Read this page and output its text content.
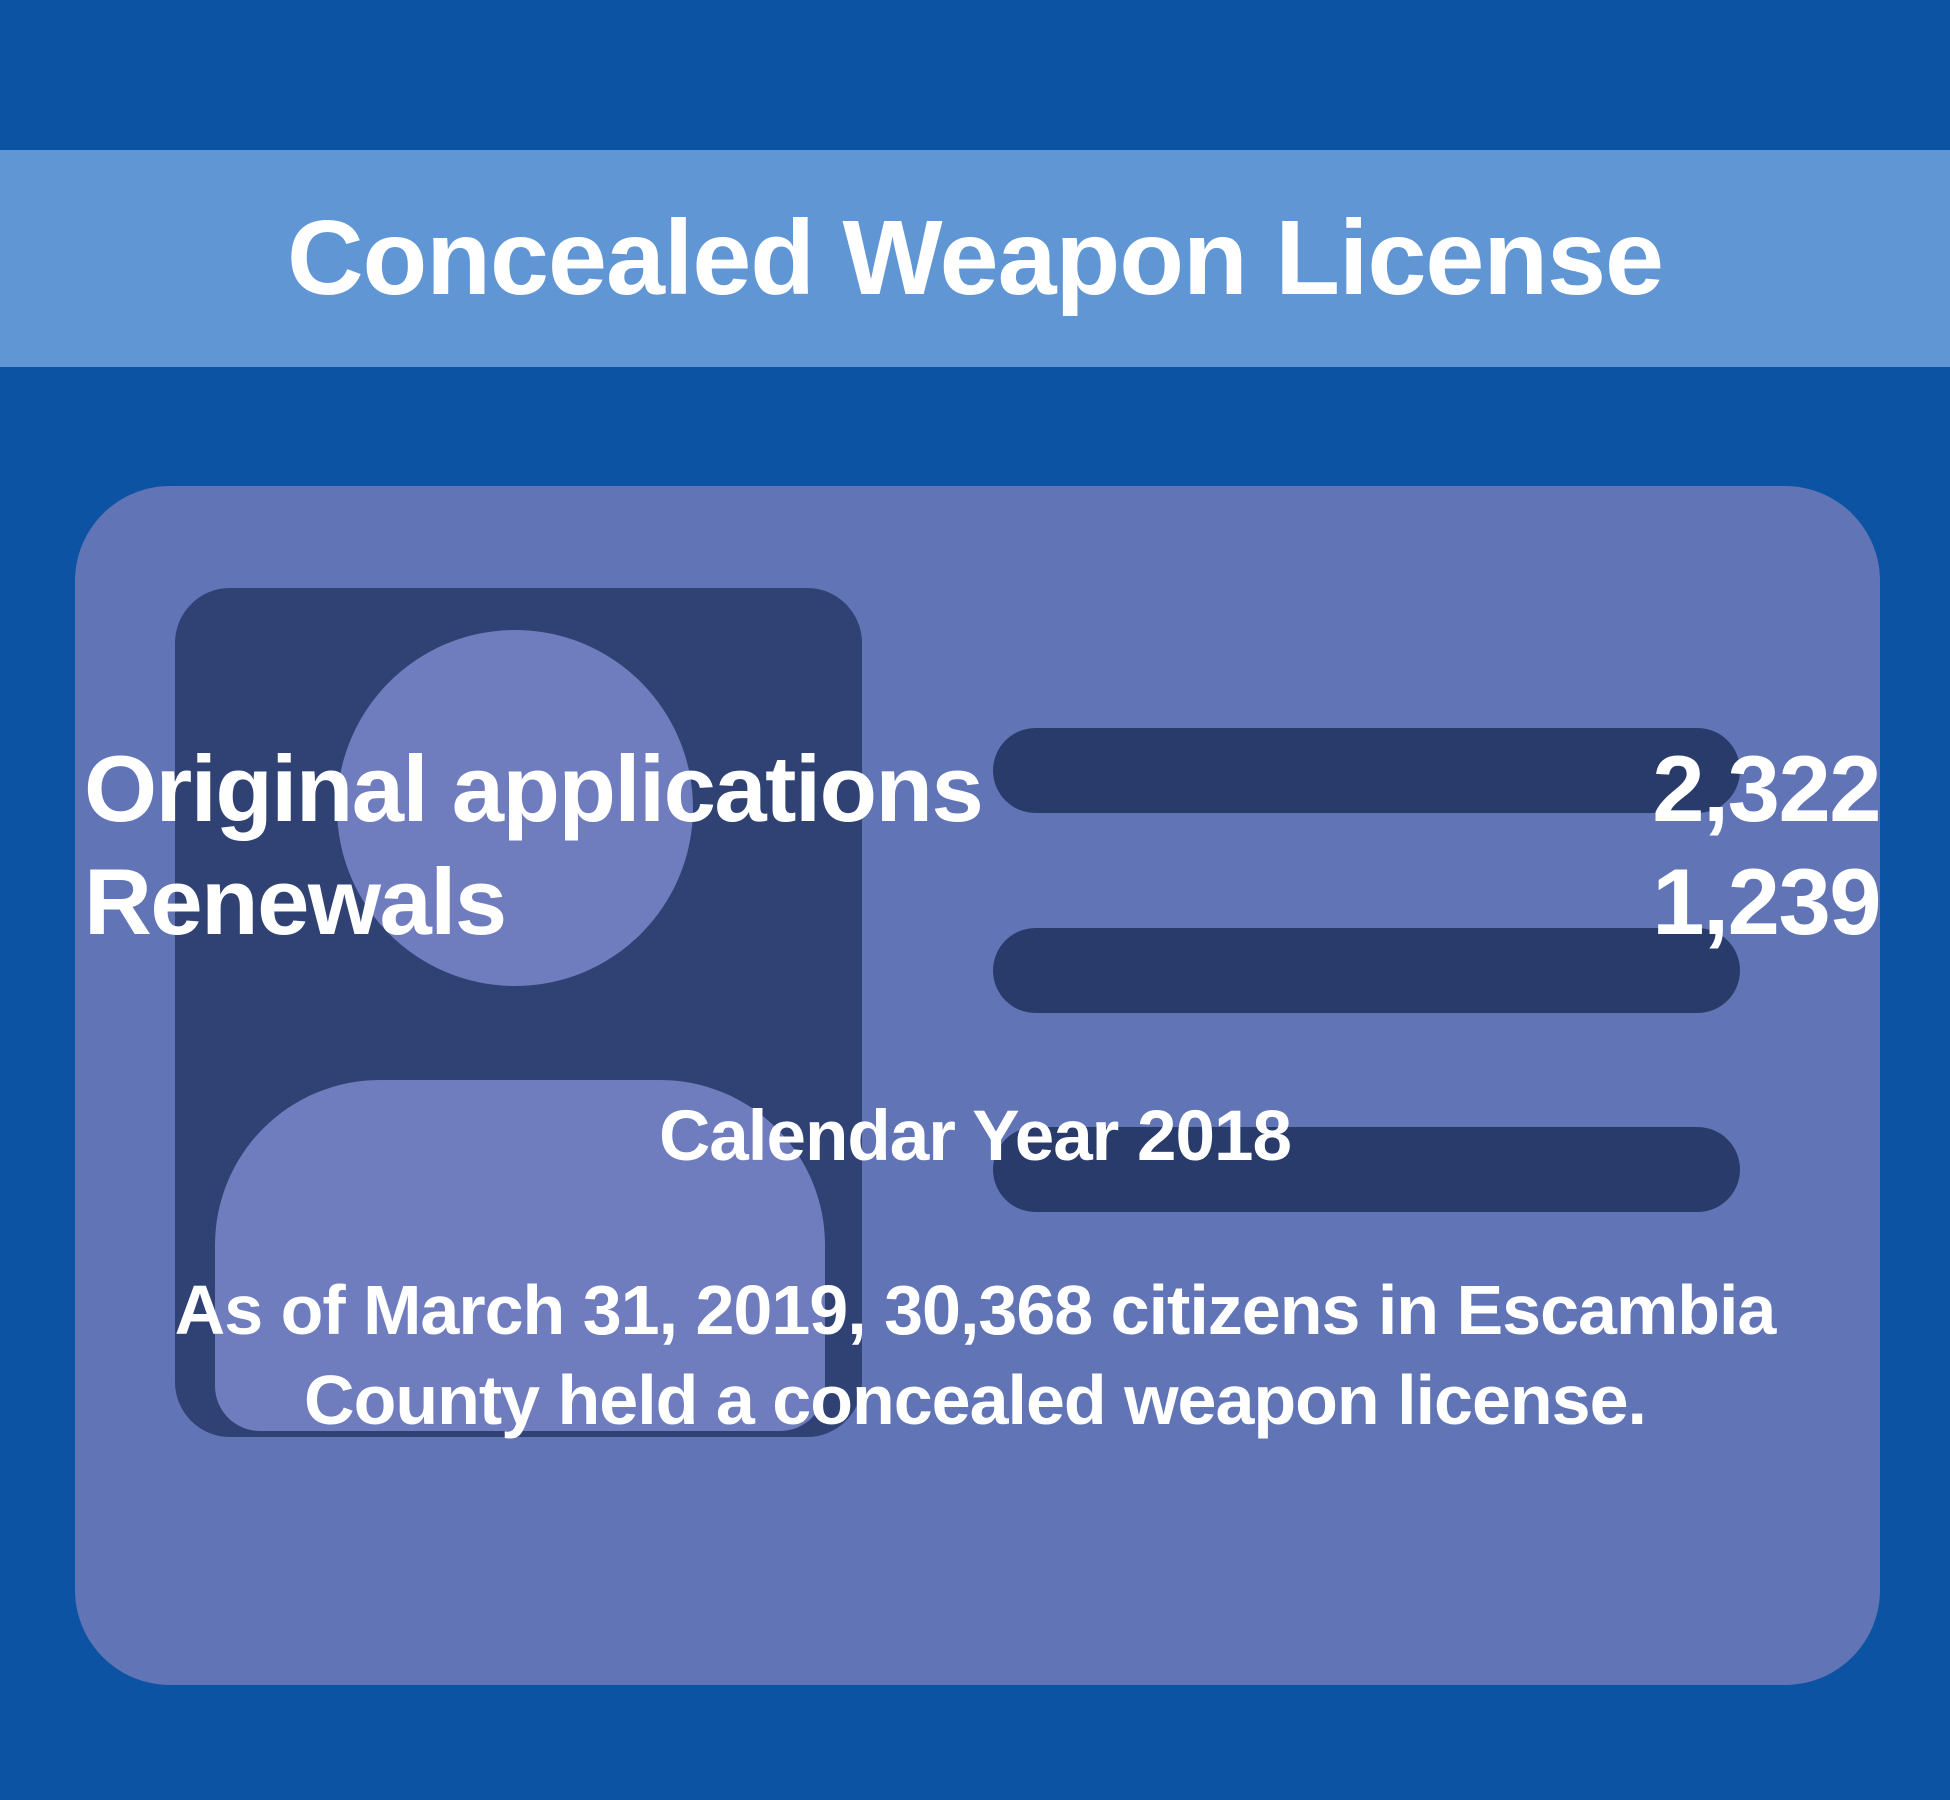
Concealed Weapon License
Original applications	2,322
Renewals	1,239
Calendar Year 2018
As of March 31, 2019, 30,368 citizens in Escambia
County held a concealed weapon license.
